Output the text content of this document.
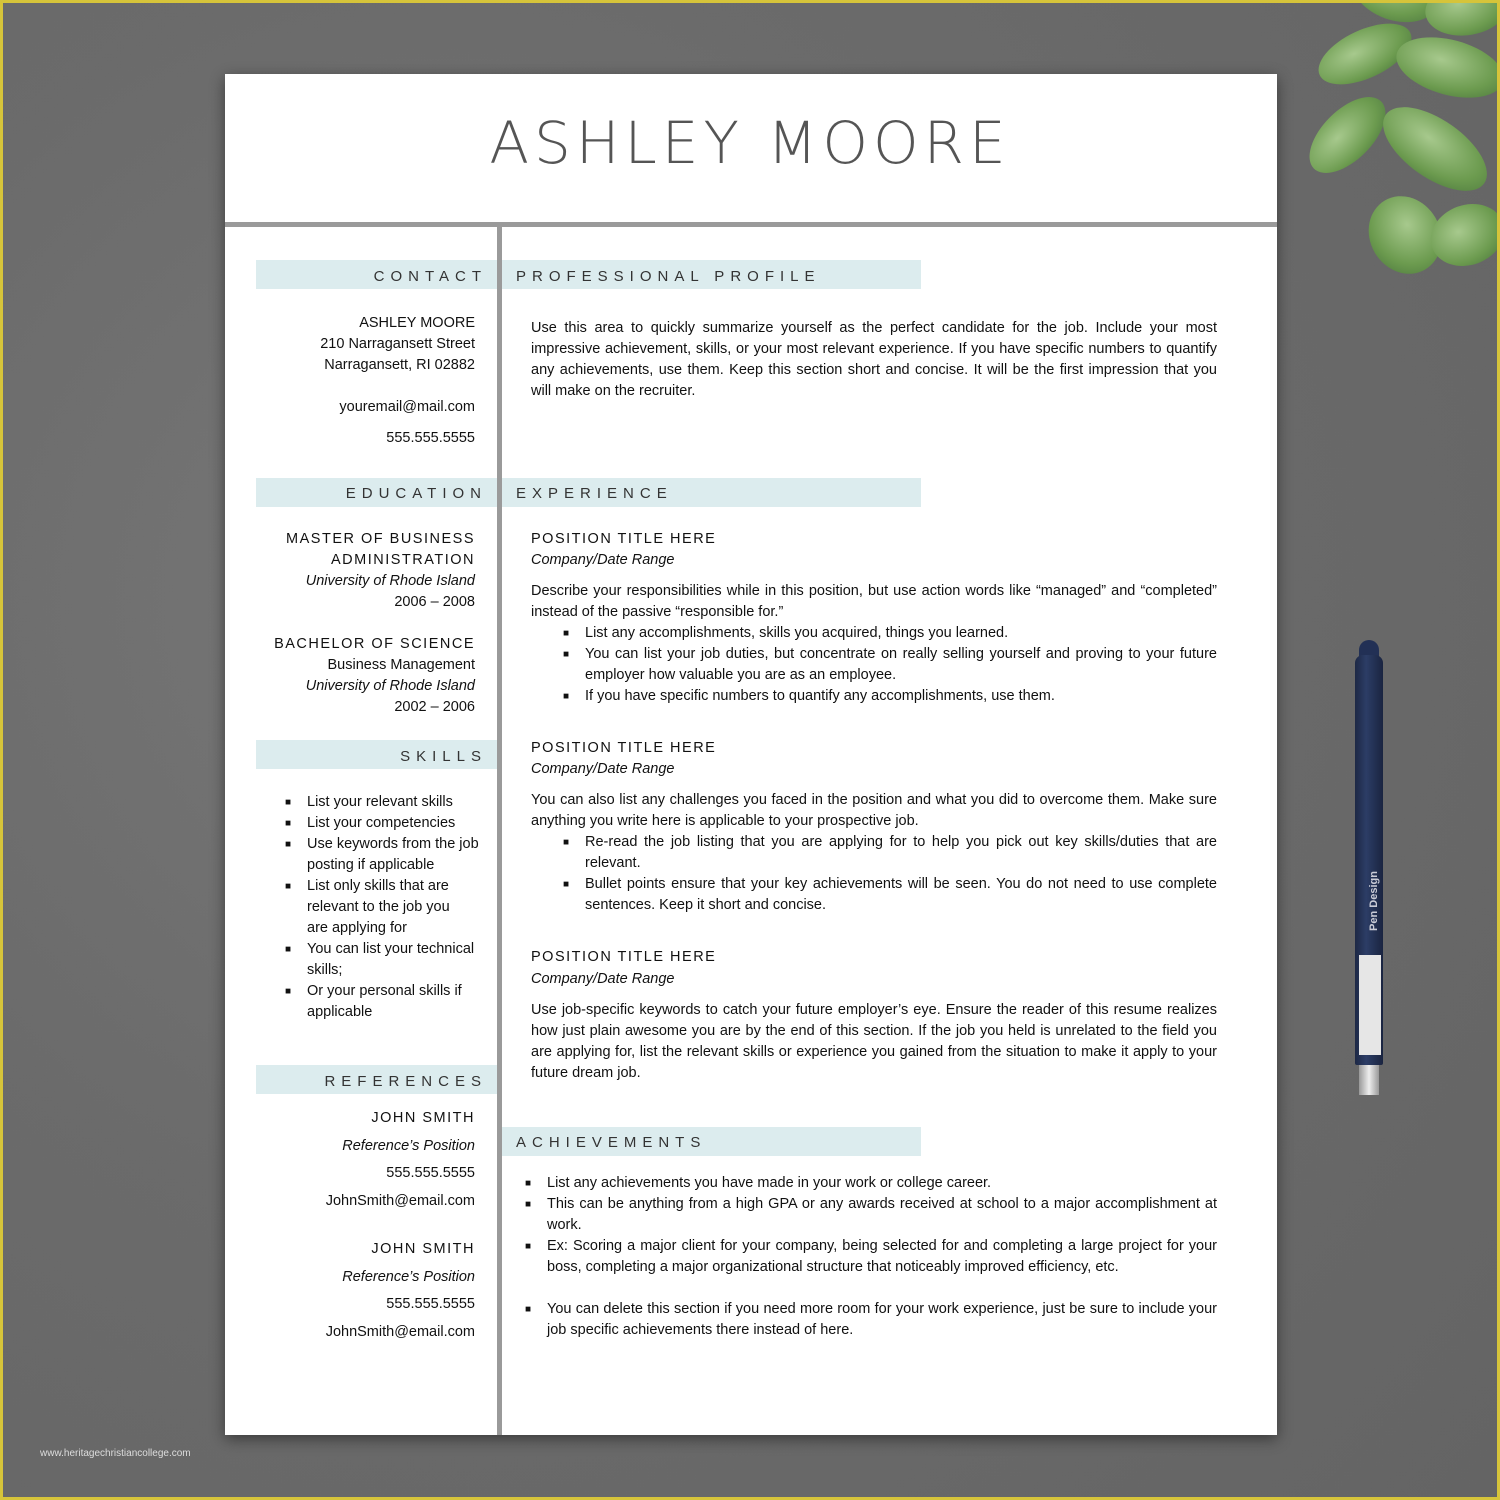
Pen Design
ASHLEY MOORE
CONTACT PROFESSIONAL PROFILE
EDUCATION EXPERIENCE
SKILLS
REFERENCES
ACHIEVEMENTS
ASHLEY MOORE
210 Narragansett Street
Narragansett, RI 02882
youremail@mail.com
555.555.5555
Use this area to quickly summarize yourself as the perfect candidate for the job. Include your most impressive achievement, skills, or your most relevant experience. If you have specific numbers to quantify any achievements, use them. Keep this section short and concise. It will be the first impression that you will make on the recruiter.
MASTER OF BUSINESS
ADMINISTRATION
University of Rhode Island
2006 – 2008
BACHELOR OF SCIENCE
Business Management
University of Rhode Island
2002 – 2006
■ List your relevant skills
■ List your competencies
■ Use keywords from the job posting if applicable
■ List only skills that are relevant to the job you are applying for
■ You can list your technical skills;
■ Or your personal skills if applicable
JOHN SMITH
Reference’s Position
555.555.5555
JohnSmith@email.com
JOHN SMITH
Reference’s Position
555.555.5555
JohnSmith@email.com
POSITION TITLE HERE
Company/Date Range
Describe your responsibilities while in this position, but use action words like “managed” and “completed” instead of the passive “responsible for.”
■ List any accomplishments, skills you acquired, things you learned.
■ You can list your job duties, but concentrate on really selling yourself and proving to your future employer how valuable you are as an employee.
■ If you have specific numbers to quantify any accomplishments, use them.
POSITION TITLE HERE
Company/Date Range
You can also list any challenges you faced in the position and what you did to overcome them. Make sure anything you write here is applicable to your prospective job.
■ Re-read the job listing that you are applying for to help you pick out key skills/duties that are relevant.
■ Bullet points ensure that your key achievements will be seen. You do not need to use complete sentences. Keep it short and concise.
POSITION TITLE HERE
Company/Date Range
Use job-specific keywords to catch your future employer’s eye. Ensure the reader of this resume realizes how just plain awesome you are by the end of this section. If the job you held is unrelated to the field you are applying for, list the relevant skills or experience you gained from the situation to make it apply to your future dream job.
■ List any achievements you have made in your work or college career.
■ This can be anything from a high GPA or any awards received at school to a major accomplishment at work.
■ Ex: Scoring a major client for your company, being selected for and completing a large project for your boss, completing a major organizational structure that noticeably improved efficiency, etc.
■ You can delete this section if you need more room for your work experience, just be sure to include your job specific achievements there instead of here.
www.heritagechristiancollege.com
